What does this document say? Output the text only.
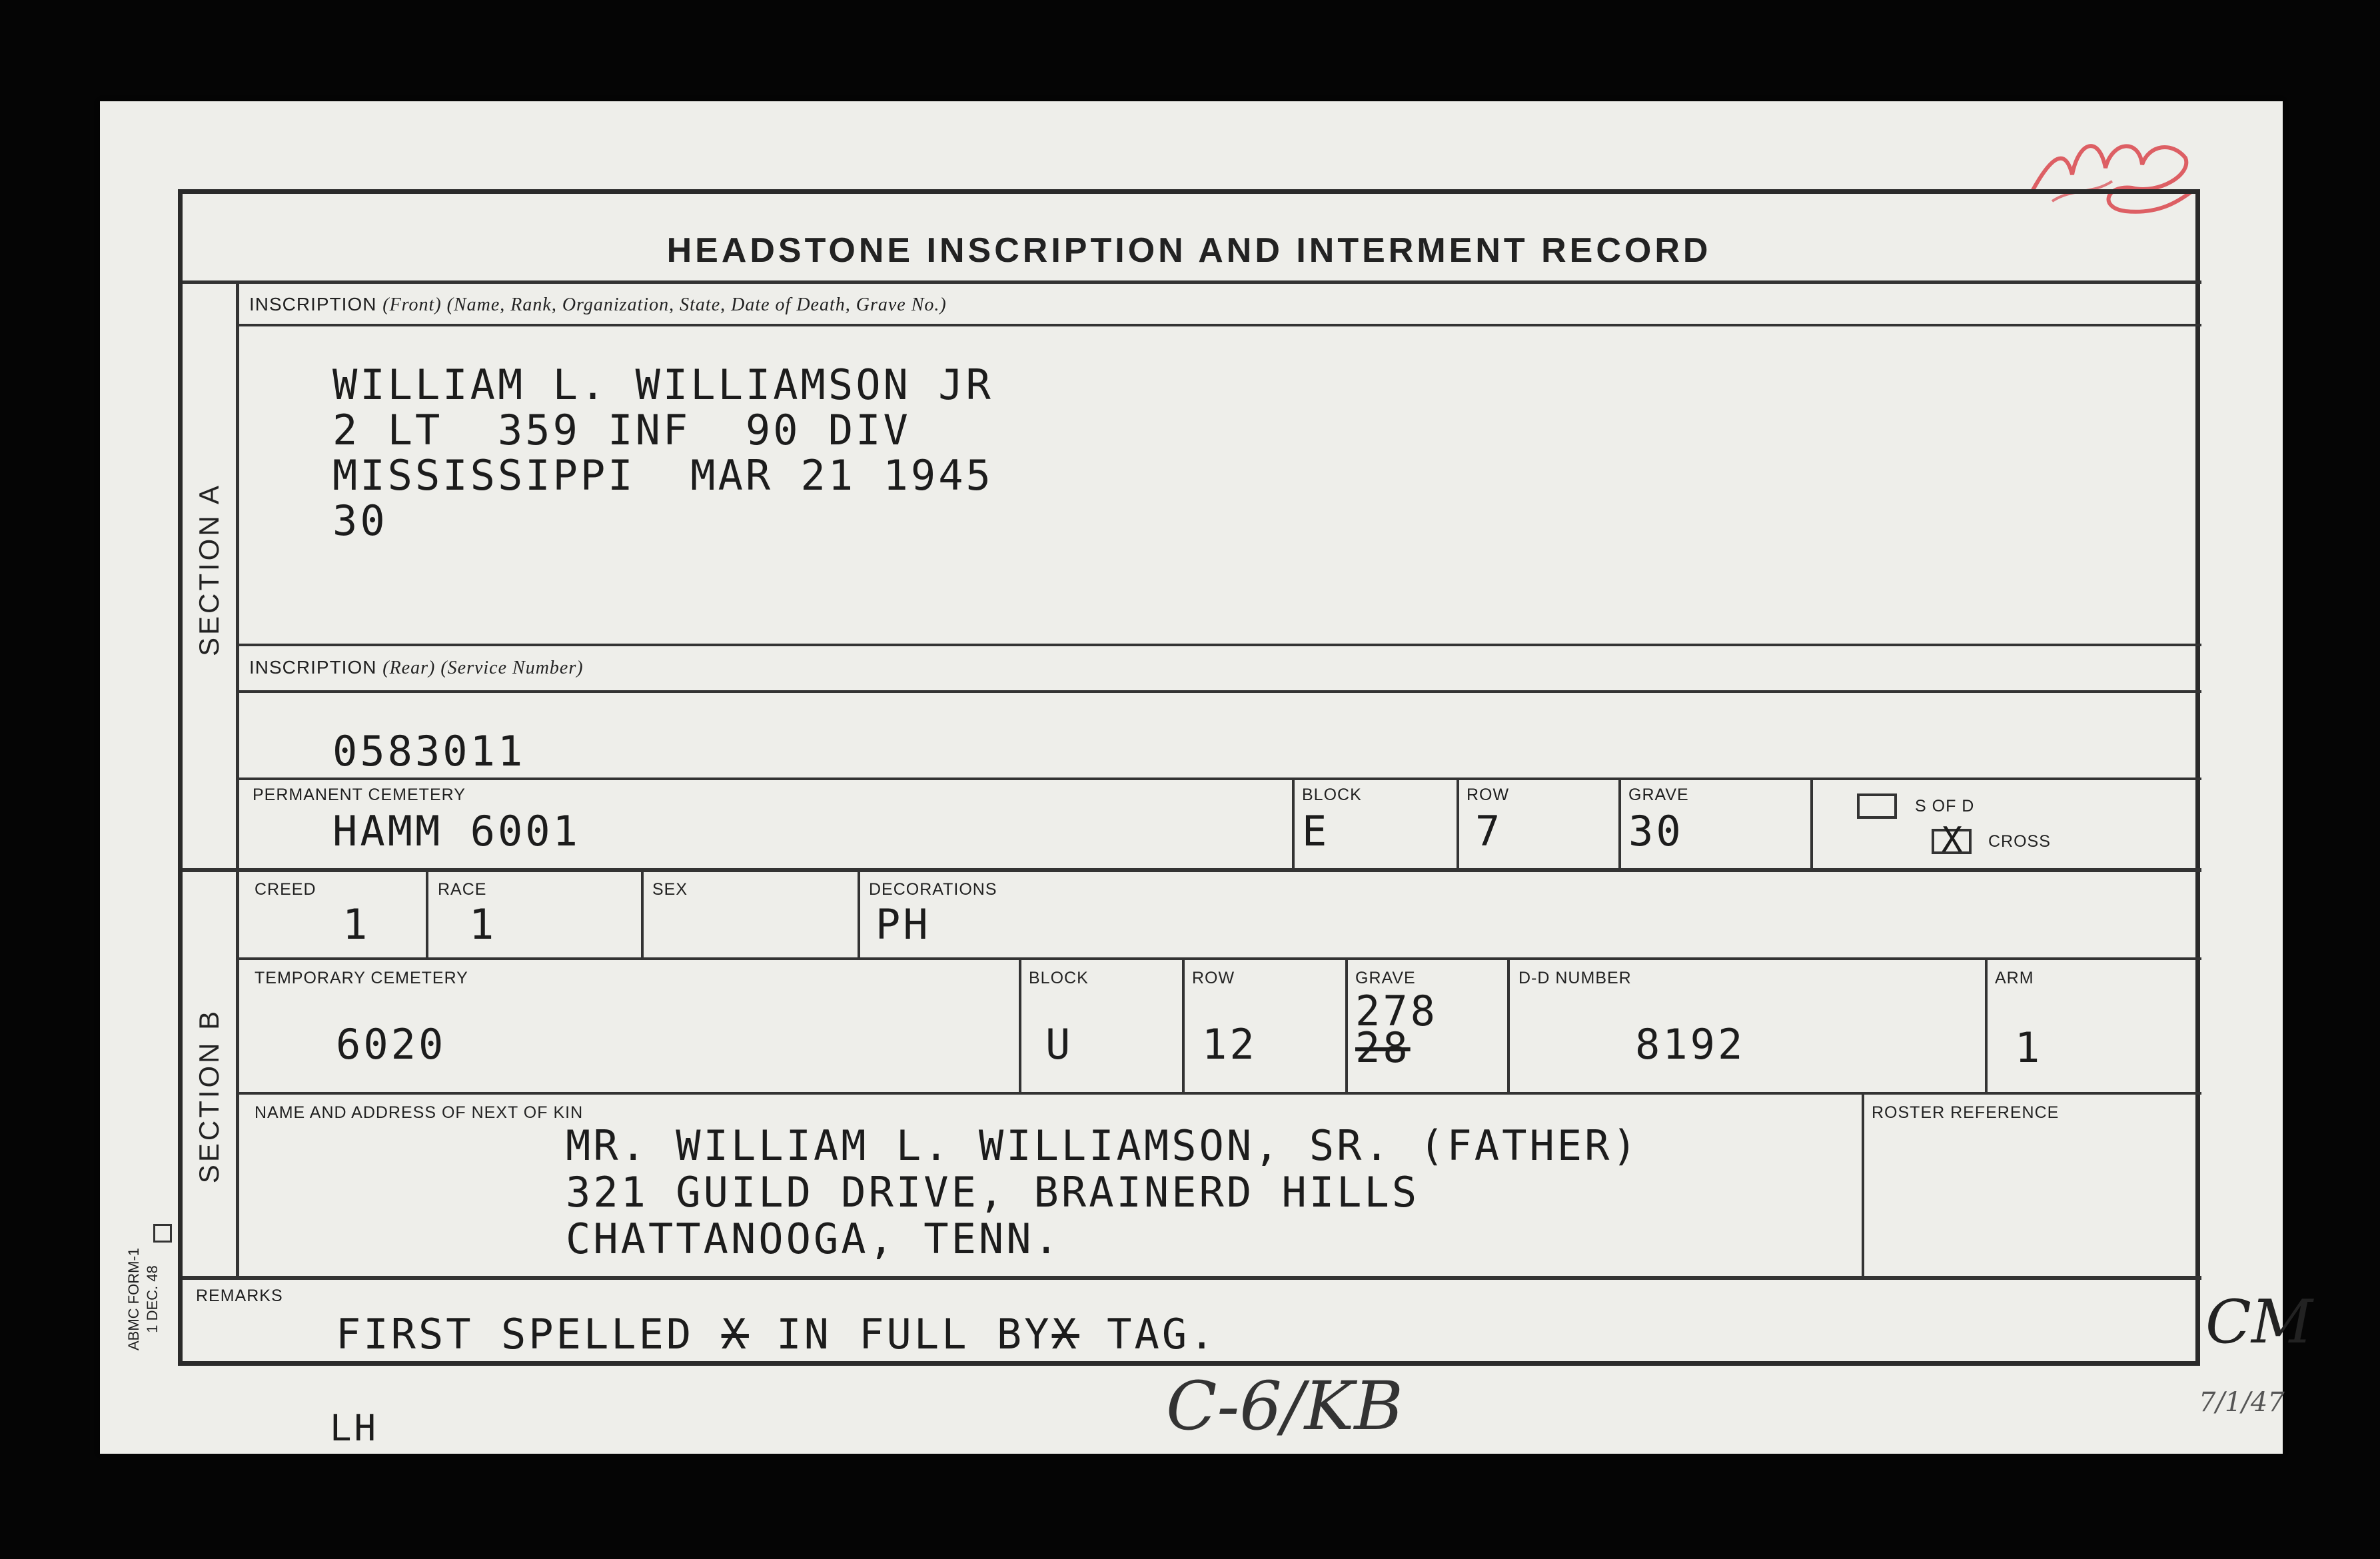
HEADSTONE INSCRIPTION AND INTERMENT RECORD
SECTION A
INSCRIPTION (Front) (Name, Rank, Organization, State, Date of Death, Grave No.)
WILLIAM L. WILLIAMSON JR
2 LT  359 INF  90 DIV
MISSISSIPPI  MAR 21 1945
30
INSCRIPTION (Rear) (Service Number)
0583011
PERMANENT CEMETERY
HAMM 6001
BLOCK
E
ROW
7
GRAVE
30
S OF D
X CROSS
SECTION B
CREED
1
RACE
1
SEX	DECORATIONS
PH
TEMPORARY CEMETERY
6020
BLOCK
U
ROW
12
GRAVE
278
28
D-D NUMBER
8192
ARM
1
NAME AND ADDRESS OF NEXT OF KIN
MR. WILLIAM L. WILLIAMSON, SR. (FATHER)
321 GUILD DRIVE, BRAINERD HILLS
CHATTANOOGA, TENN.
ROSTER REFERENCE
REMARKS
FIRST SPELLED X IN FULL BYX TAG.
ABMC FORM-1 1 DEC. 48
LH	C-6/KB
CM
7/1/47
